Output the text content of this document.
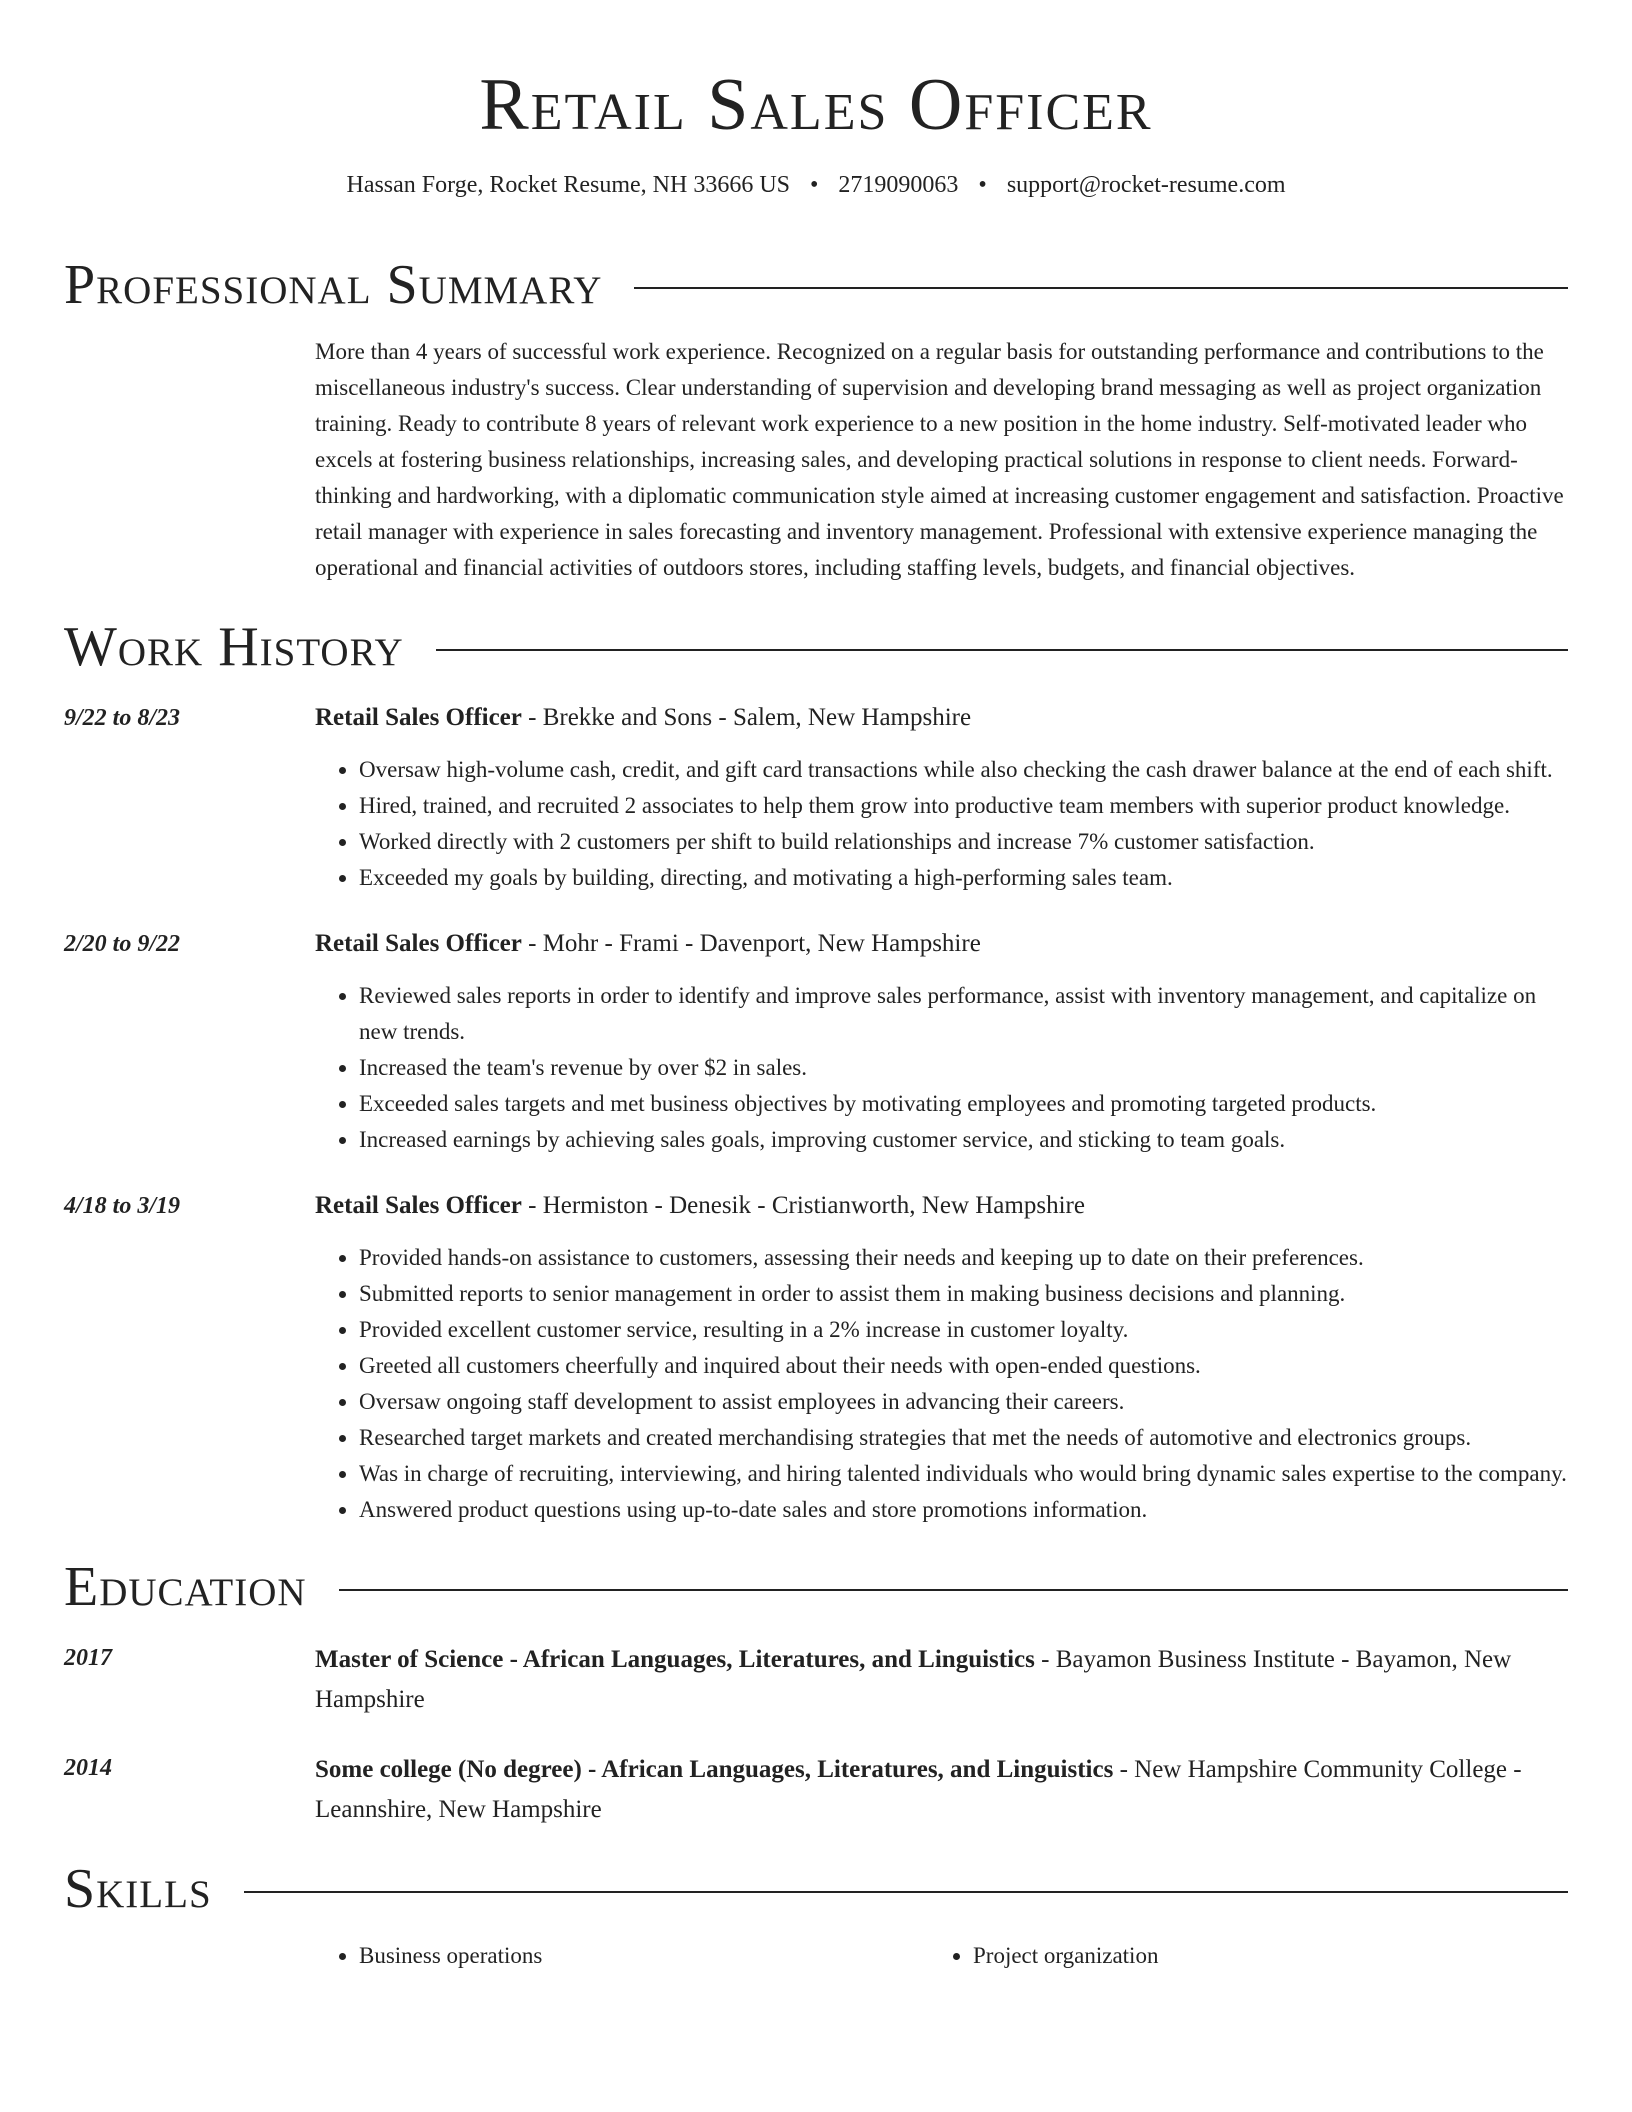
Retail Sales Officer
Hassan Forge, Rocket Resume, NH 33666 US • 2719090063 • support@rocket-resume.com
Professional Summary
More than 4 years of successful work experience. Recognized on a regular basis for outstanding performance and contributions to the miscellaneous industry's success. Clear understanding of supervision and developing brand messaging as well as project organization training. Ready to contribute 8 years of relevant work experience to a new position in the home industry. Self-motivated leader who excels at fostering business relationships, increasing sales, and developing practical solutions in response to client needs. Forward-thinking and hardworking, with a diplomatic communication style aimed at increasing customer engagement and satisfaction. Proactive retail manager with experience in sales forecasting and inventory management. Professional with extensive experience managing the operational and financial activities of outdoors stores, including staffing levels, budgets, and financial objectives.
Work History
9/22 to 8/23	Retail Sales Officer - Brekke and Sons - Salem, New Hampshire
• Oversaw high-volume cash, credit, and gift card transactions while also checking the cash drawer balance at the end of each shift.
• Hired, trained, and recruited 2 associates to help them grow into productive team members with superior product knowledge.
• Worked directly with 2 customers per shift to build relationships and increase 7% customer satisfaction.
• Exceeded my goals by building, directing, and motivating a high-performing sales team.
2/20 to 9/22	Retail Sales Officer - Mohr - Frami - Davenport, New Hampshire
• Reviewed sales reports in order to identify and improve sales performance, assist with inventory management, and capitalize on new trends.
• Increased the team's revenue by over $2 in sales.
• Exceeded sales targets and met business objectives by motivating employees and promoting targeted products.
• Increased earnings by achieving sales goals, improving customer service, and sticking to team goals.
4/18 to 3/19	Retail Sales Officer - Hermiston - Denesik - Cristianworth, New Hampshire
• Provided hands-on assistance to customers, assessing their needs and keeping up to date on their preferences.
• Submitted reports to senior management in order to assist them in making business decisions and planning.
• Provided excellent customer service, resulting in a 2% increase in customer loyalty.
• Greeted all customers cheerfully and inquired about their needs with open-ended questions.
• Oversaw ongoing staff development to assist employees in advancing their careers.
• Researched target markets and created merchandising strategies that met the needs of automotive and electronics groups.
• Was in charge of recruiting, interviewing, and hiring talented individuals who would bring dynamic sales expertise to the company.
• Answered product questions using up-to-date sales and store promotions information.
Education
2017	Master of Science - African Languages, Literatures, and Linguistics - Bayamon Business Institute - Bayamon, New Hampshire
2014	Some college (No degree) - African Languages, Literatures, and Linguistics - New Hampshire Community College - Leannshire, New Hampshire
Skills
• Business operations
•	Project organization
